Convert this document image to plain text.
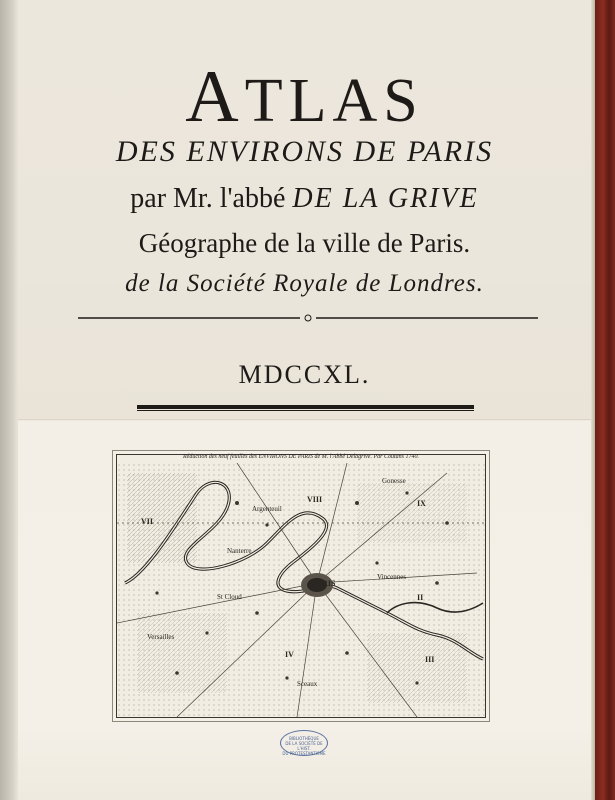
ATLAS
DES ENVIRONS DE PARIS
par Mr. l'abbé DE LA GRIVE
Géographe de la ville de Paris.
de la Société Royale de Londres.
MDCCXL.
Réduction des neuf feuilles des ENVIRONS DE PARIS de M. l'Abbé Delagrive. Par Coutans 1740.
PARIS
Argenteuil
VII
VIII	IX
IV
II
III
St Cloud
Nanterre
Gonesse
Vincennes
Sceaux
Versailles
BIBLIOTHÈQUE
DE LA SOCIÉTÉ DE L'HIST.
DU PROTESTANTISME
